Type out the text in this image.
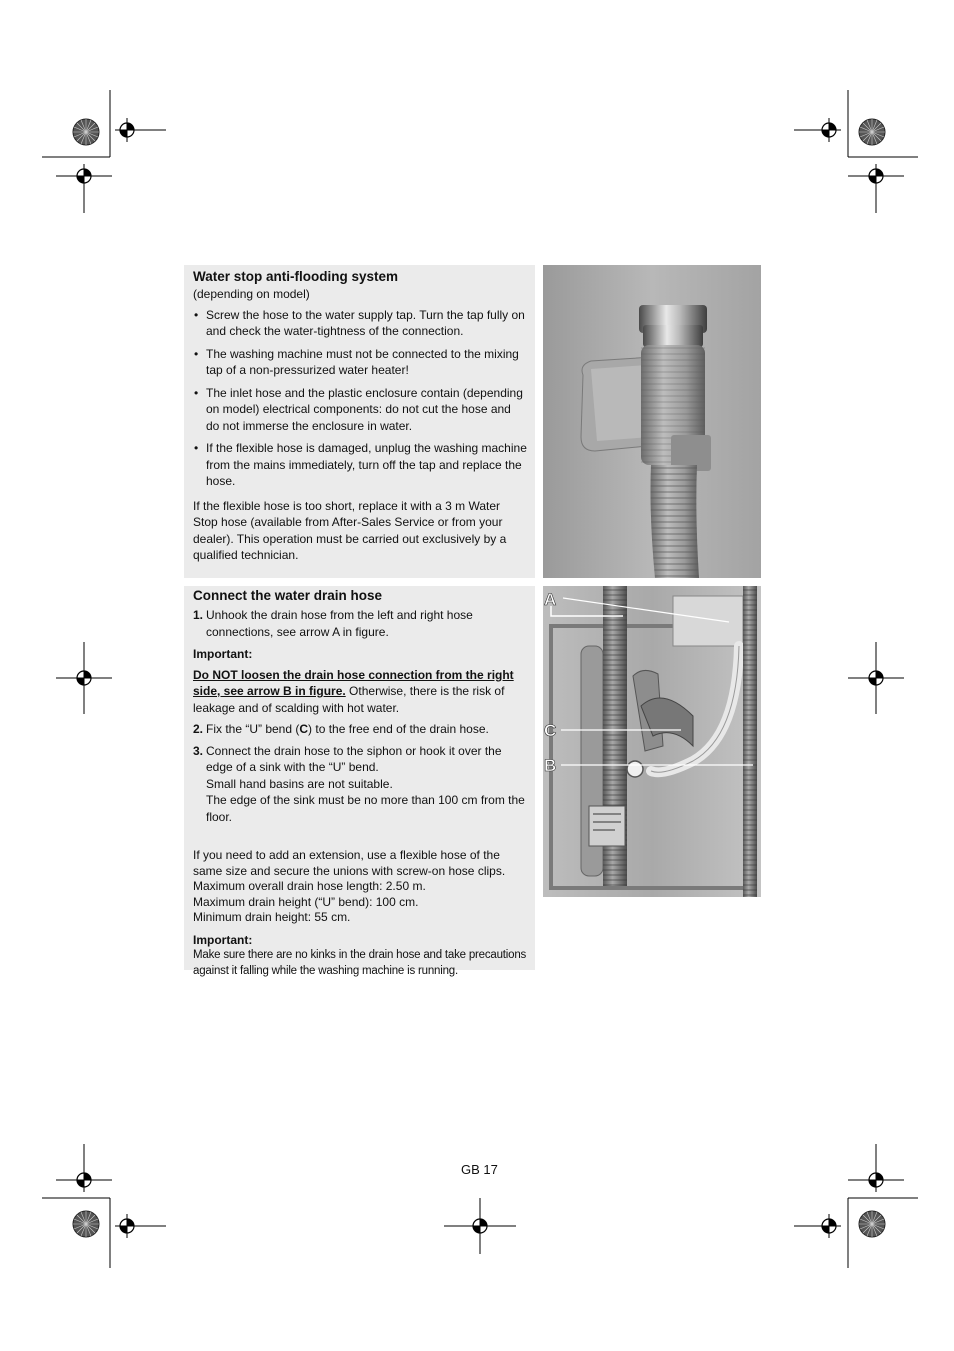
Water stop anti-flooding system

(depending on model)

• Screw the hose to the water supply tap. Turn the tap fully on and check the water-tightness of the connection.
• The washing machine must not be connected to the mixing tap of a non-pressurized water heater!
• The inlet hose and the plastic enclosure contain (depending on model) electrical components: do not cut the hose and do not immerse the enclosure in water.
• If the flexible hose is damaged, unplug the washing machine from the mains immediately, turn off the tap and replace the hose.

If the flexible hose is too short, replace it with a 3 m Water Stop hose (available from After-Sales Service or from your dealer). This operation must be carried out exclusively by a qualified technician.

Connect the water drain hose
1. Unhook the drain hose from the left and right hose connections, see arrow A in figure.

Important:

Do NOT loosen the drain hose connection from the right side, see arrow B in figure. Otherwise, there is the risk of leakage and of scalding with hot water.

2. Fix the “U” bend (C) to the free end of the drain hose.
3. Connect the drain hose to the siphon or hook it over the edge of a sink with the “U” bend.
Small hand basins are not suitable.
The edge of the sink must be no more than 100 cm from the floor.

If you need to add an extension, use a flexible hose of the same size and secure the unions with screw-on hose clips.
Maximum overall drain hose length: 2.50 m.
Maximum drain height (“U” bend): 100 cm.
Minimum drain height: 55 cm.

Important:

Make sure there are no kinks in the drain hose and take precautions against it falling while the washing machine is running.

A
C
B
GB 17
